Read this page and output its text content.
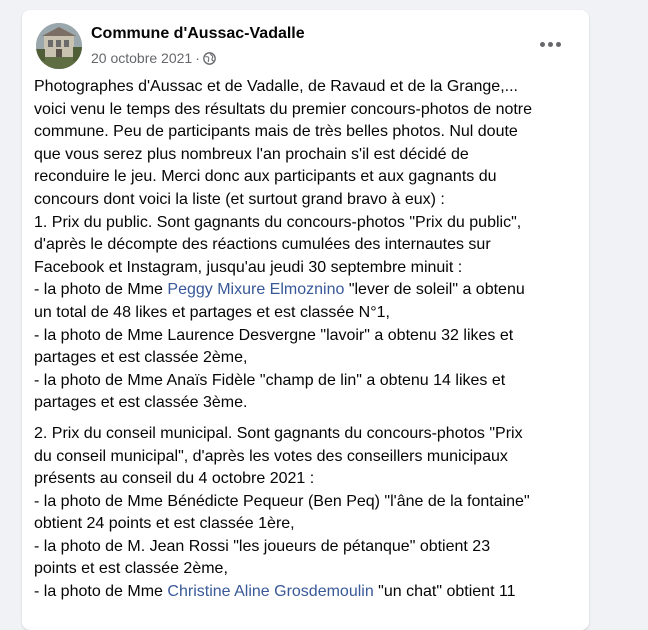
Commune d'Aussac-Vadalle
20 octobre 2021 ·

Photographes d'Aussac et de Vadalle, de Ravaud et de la Grange,...
voici venu le temps des résultats du premier concours-photos de notre
commune. Peu de participants mais de très belles photos. Nul doute
que vous serez plus nombreux l'an prochain s'il est décidé de
reconduire le jeu. Merci donc aux participants et aux gagnants du
concours dont voici la liste (et surtout grand bravo à eux) :
1. Prix du public. Sont gagnants du concours-photos "Prix du public",
d'après le décompte des réactions cumulées des internautes sur
Facebook et Instagram, jusqu'au jeudi 30 septembre minuit :
- la photo de Mme Peggy Mixure Elmoznino "lever de soleil" a obtenu
un total de 48 likes et partages et est classée N°1,
- la photo de Mme Laurence Desvergne "lavoir" a obtenu 32 likes et
partages et est classée 2ème,
- la photo de Mme Anaïs Fidèle "champ de lin" a obtenu 14 likes et
partages et est classée 3ème.

2. Prix du conseil municipal. Sont gagnants du concours-photos "Prix
du conseil municipal", d'après les votes des conseillers municipaux
présents au conseil du 4 octobre 2021 :
- la photo de Mme Bénédicte Pequeur (Ben Peq) "l'âne de la fontaine"
obtient 24 points et est classée 1ère,
- la photo de M. Jean Rossi "les joueurs de pétanque" obtient 23
points et est classée 2ème,
- la photo de Mme Christine Aline Grosdemoulin "un chat" obtient 11
